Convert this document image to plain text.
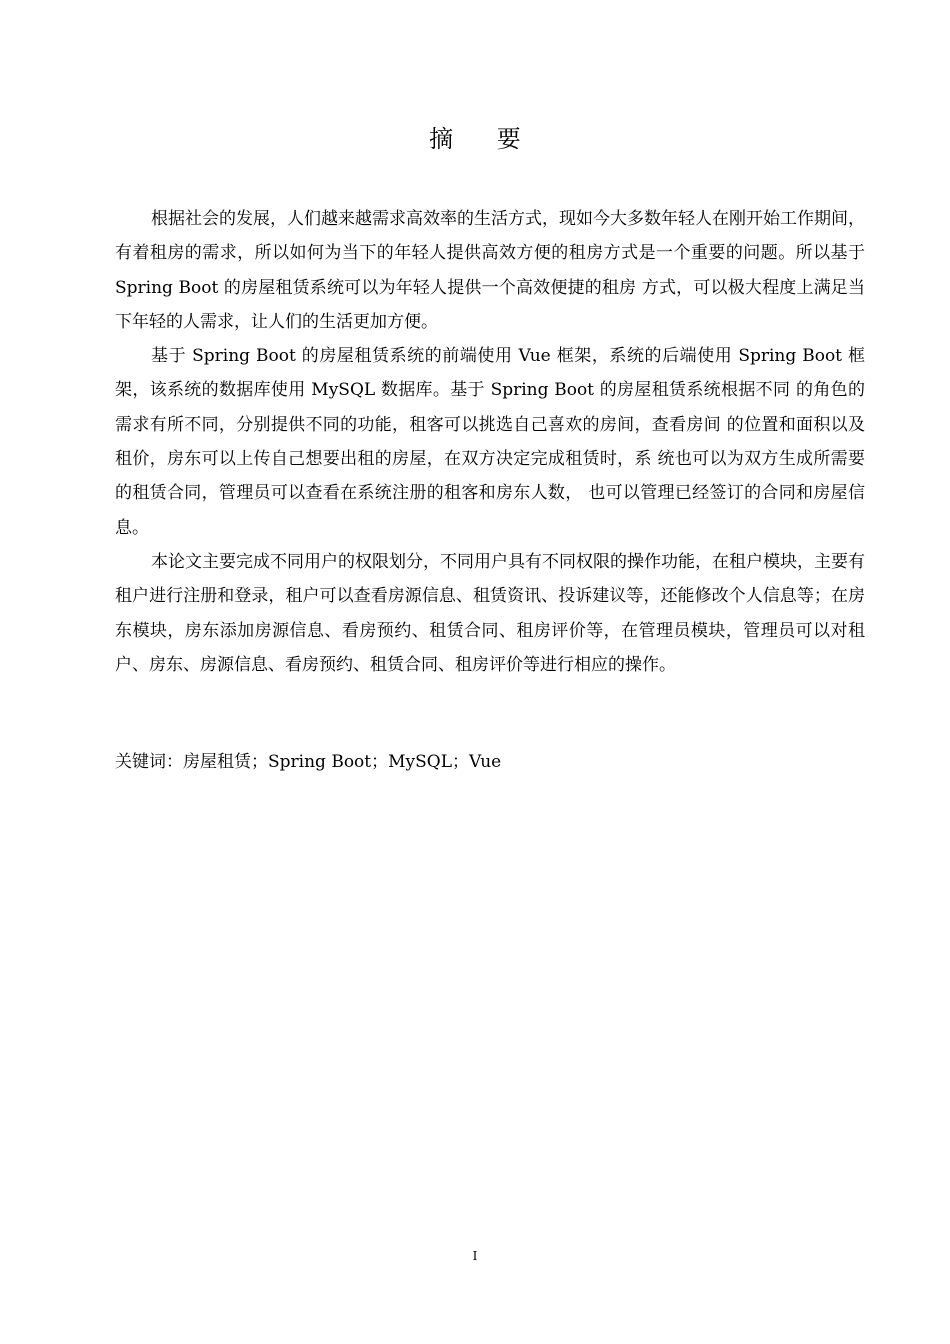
摘 要

根据社会的发展，人们越来越需求高效率的生活方式，现如今大多数年轻人在刚开始工作期间，有着租房的需求，所以如何为当下的年轻人提供高效方便的租房方式是一个重要的问题。所以基于 Spring Boot 的房屋租赁系统可以为年轻人提供一个高效便捷的租房 方式，可以极大程度上满足当下年轻的人需求，让人们的生活更加方便。

基于 Spring Boot 的房屋租赁系统的前端使用 Vue 框架，系统的后端使用 Spring Boot 框架，该系统的数据库使用 MySQL 数据库。基于 Spring Boot 的房屋租赁系统根据不同 的角色的需求有所不同，分别提供不同的功能，租客可以挑选自己喜欢的房间，查看房间 的位置和面积以及租价，房东可以上传自己想要出租的房屋，在双方决定完成租赁时，系 统也可以为双方生成所需要的租赁合同，管理员可以查看在系统注册的租客和房东人数， 也可以管理已经签订的合同和房屋信息。

本论文主要完成不同用户的权限划分，不同用户具有不同权限的操作功能，在租户模块，主要有租户进行注册和登录，租户可以查看房源信息、租赁资讯、投诉建议等，还能修改个人信息等；在房东模块，房东添加房源信息、看房预约、租赁合同、租房评价等，在管理员模块，管理员可以对租户、房东、房源信息、看房预约、租赁合同、租房评价等进行相应的操作。

关键词：房屋租赁；Spring Boot；MySQL；Vue
I
